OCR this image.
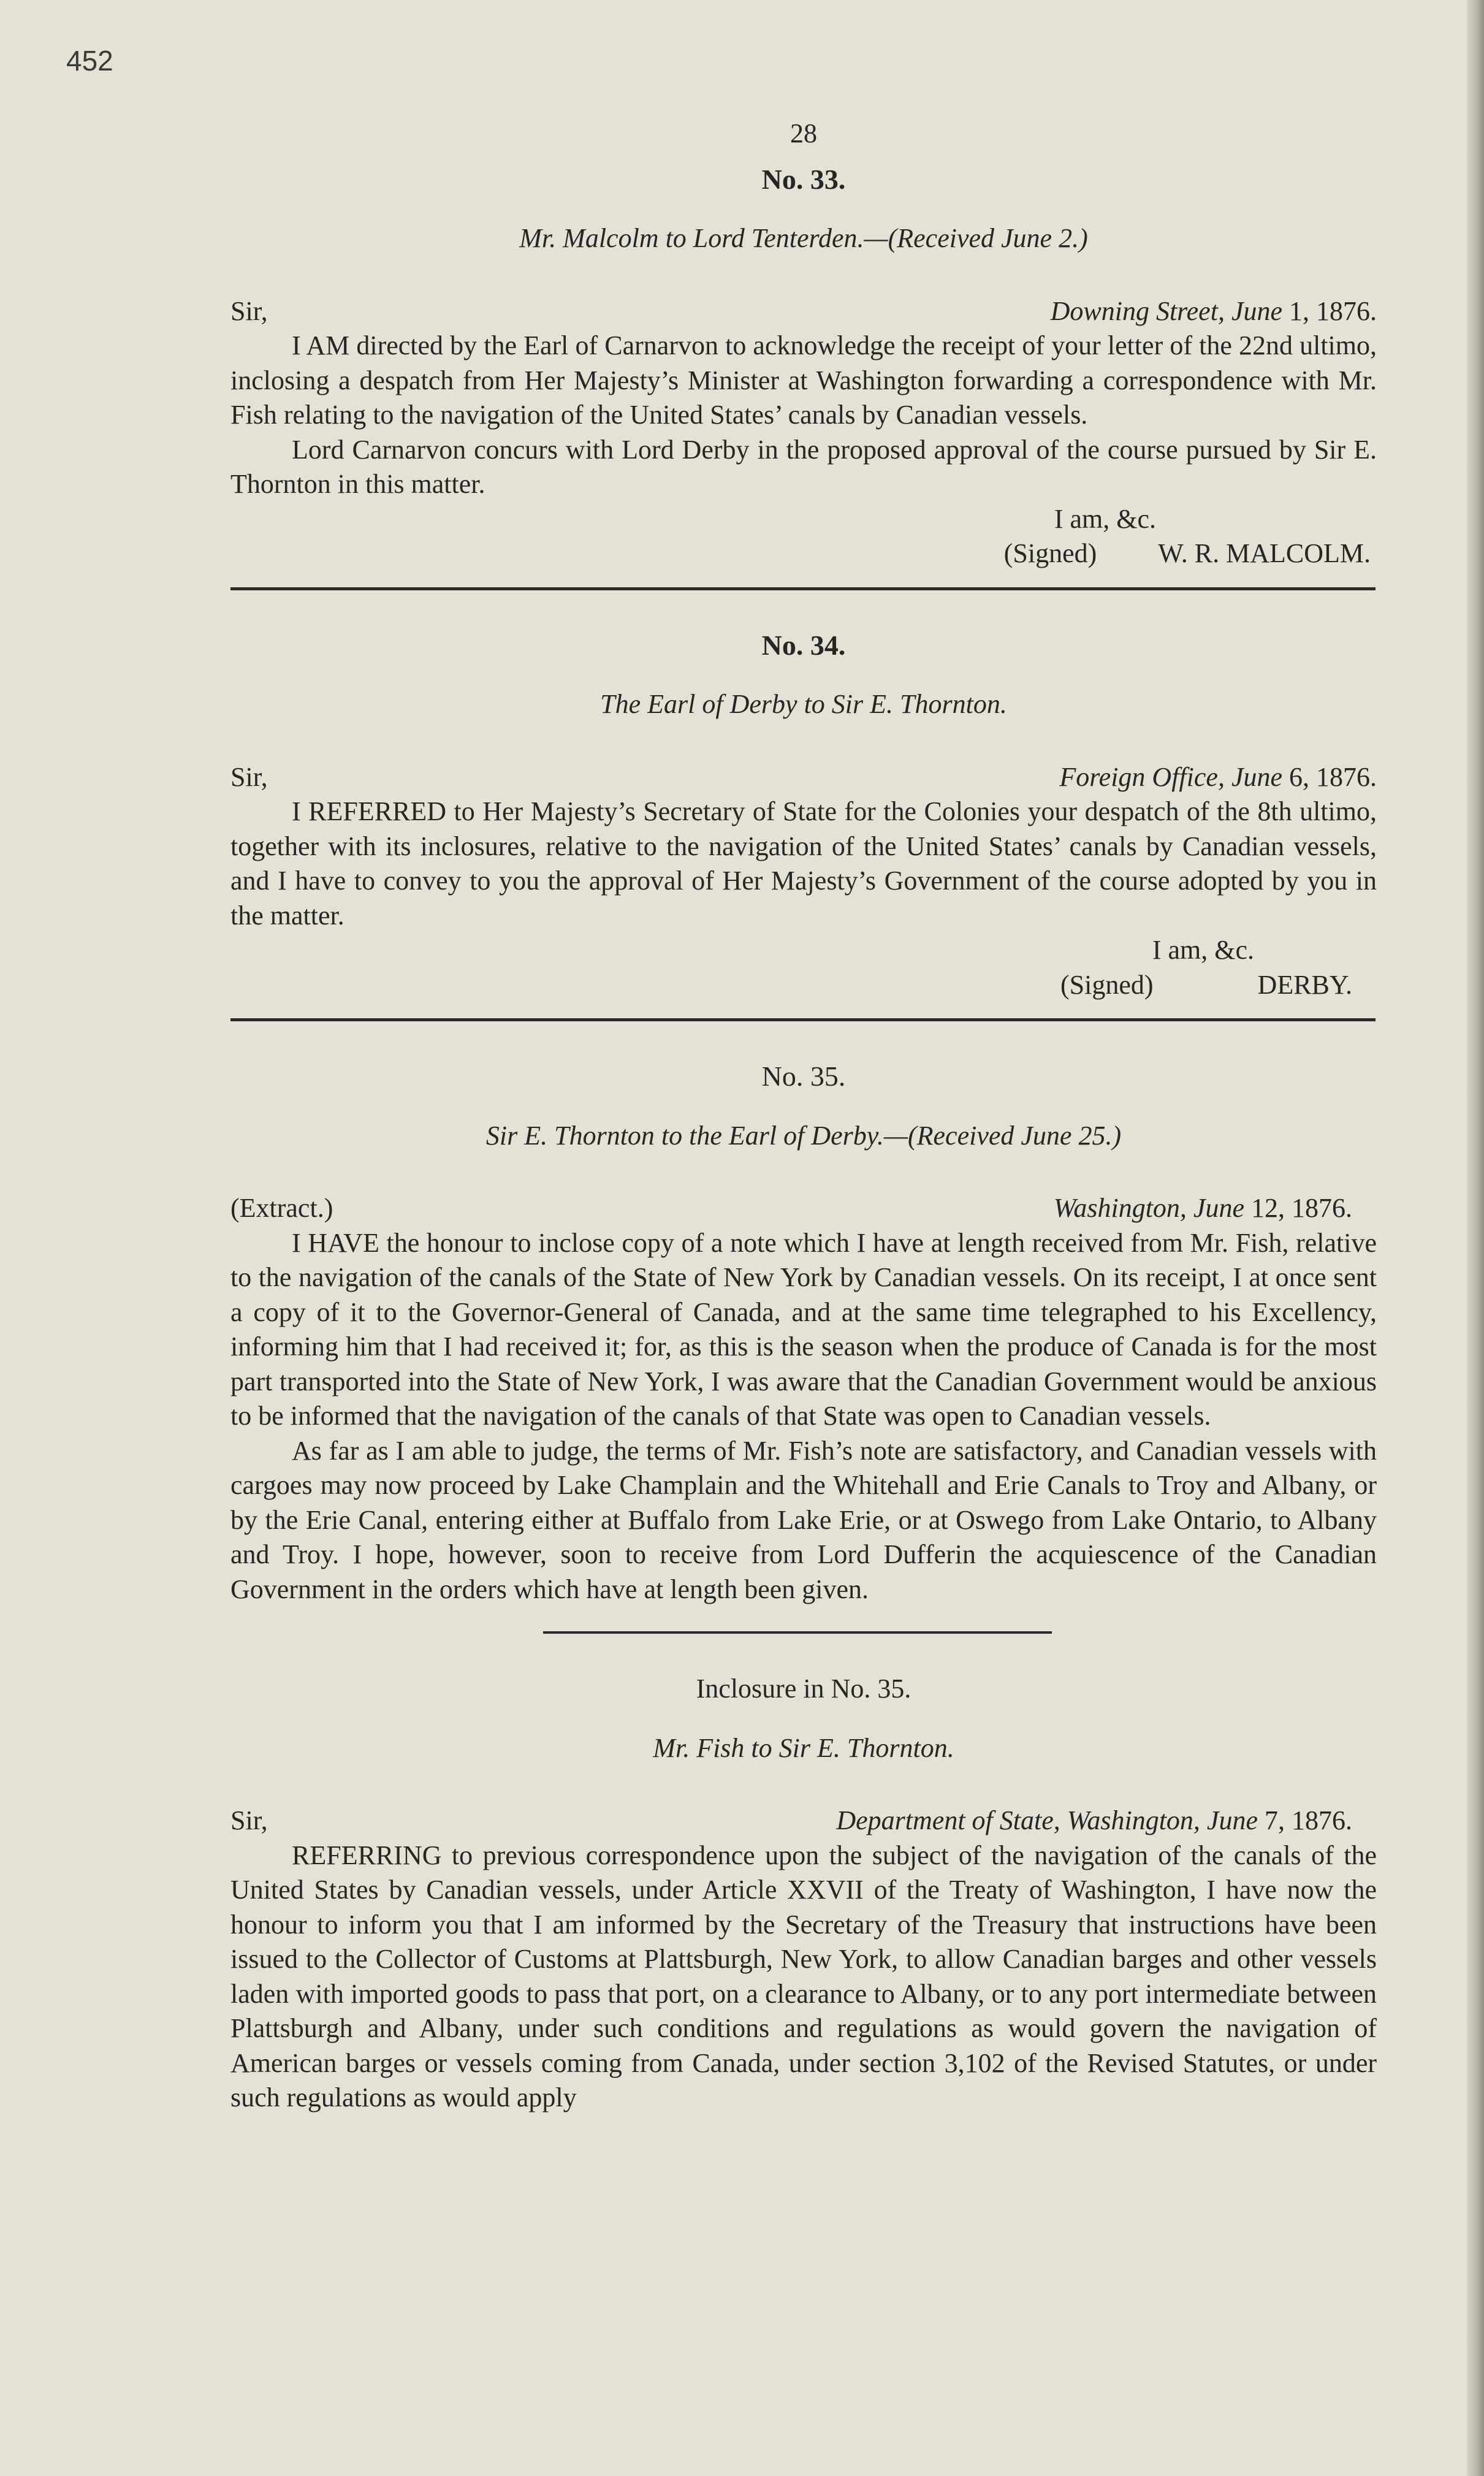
452
28
No. 33.
Mr. Malcolm to Lord Tenterden.—(Received June 2.)
Sir,	Downing Street, June 1, 1876.

I AM directed by the Earl of Carnarvon to acknowledge the receipt of your letter of the 22nd ultimo, inclosing a despatch from Her Majesty’s Minister at Washington forwarding a correspondence with Mr. Fish relating to the navigation of the United States’ canals by Canadian vessels.

Lord Carnarvon concurs with Lord Derby in the proposed approval of the course pursued by Sir E. Thornton in this matter.

I am, &c.
(Signed) W. R. MALCOLM.
No. 34.
The Earl of Derby to Sir E. Thornton.
Sir,	Foreign Office, June 6, 1876.

I REFERRED to Her Majesty’s Secretary of State for the Colonies your despatch of the 8th ultimo, together with its inclosures, relative to the navigation of the United States’ canals by Canadian vessels, and I have to convey to you the approval of Her Majesty’s Government of the course adopted by you in the matter.

I am, &c.
(Signed)	DERBY.
No. 35.
Sir E. Thornton to the Earl of Derby.—(Received June 25.)
(Extract.)	Washington, June 12, 1876.

I HAVE the honour to inclose copy of a note which I have at length received from Mr. Fish, relative to the navigation of the canals of the State of New York by Canadian vessels. On its receipt, I at once sent a copy of it to the Governor-General of Canada, and at the same time telegraphed to his Excellency, informing him that I had received it; for, as this is the season when the produce of Canada is for the most part transported into the State of New York, I was aware that the Canadian Government would be anxious to be informed that the navigation of the canals of that State was open to Canadian vessels.

As far as I am able to judge, the terms of Mr. Fish’s note are satisfactory, and Canadian vessels with cargoes may now proceed by Lake Champlain and the Whitehall and Erie Canals to Troy and Albany, or by the Erie Canal, entering either at Buffalo from Lake Erie, or at Oswego from Lake Ontario, to Albany and Troy. I hope, however, soon to receive from Lord Dufferin the acquiescence of the Canadian Government in the orders which have at length been given.

Inclosure in No. 35.
Mr. Fish to Sir E. Thornton.
Sir,	Department of State, Washington, June 7, 1876.

REFERRING to previous correspondence upon the subject of the navigation of the canals of the United States by Canadian vessels, under Article XXVII of the Treaty of Washington, I have now the honour to inform you that I am informed by the Secretary of the Treasury that instructions have been issued to the Collector of Customs at Plattsburgh, New York, to allow Canadian barges and other vessels laden with imported goods to pass that port, on a clearance to Albany, or to any port intermediate between Plattsburgh and Albany, under such conditions and regulations as would govern the navigation of American barges or vessels coming from Canada, under section 3,102 of the Revised Statutes, or under such regulations as would apply
